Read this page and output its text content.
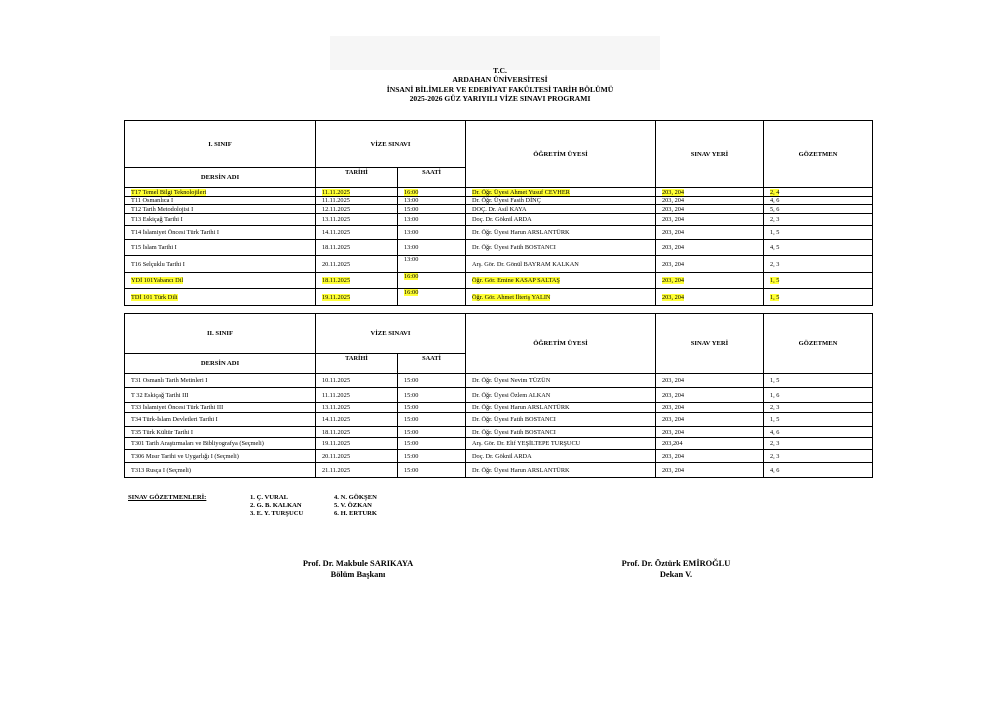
T.C.
ARDAHAN ÜNİVERSİTESİ
İNSANİ BİLİMLER VE EDEBİYAT FAKÜLTESİ TARİH BÖLÜMÜ
2025-2026 GÜZ YARIYILI VİZE SINAVI PROGRAMI
I. SINIF	VİZE SINAVI		ÖĞRETİM ÜYESİ	SINAV YERİ	GÖZETMEN
DERSİN ADI	TARİHİ	SAATİ			
T17 Temel Bilgi Teknolojileri	11.11.2025	16:00	Dr. Öğr. Üyesi Ahmet Yusuf CEVHER	203, 204	2, 4
T11 Osmanlıca I	11.11.2025	13:00	Dr. Öğr. Üyesi Fasih DİNÇ	203, 204	4, 6
T12 Tarih Metodolojisi I	12.11.2025	15:00	DOÇ. Dr. Asil KAYA	203, 204	5, 6
T13 Eskiçağ Tarihi I	13.11.2025	13:00	Doç. Dr. Göknil ARDA	203, 204	2, 3
T14 İslamiyet Öncesi Türk Tarihi I	14.11.2025	13:00	Dr. Öğr. Üyesi Harun ARSLANTÜRK	203, 204	1, 5
T15 İslam Tarihi I	18.11.2025	13:00	Dr. Öğr. Üyesi Fatih BOSTANCI	203, 204	4, 5
T16 Selçuklu Tarihi I	20.11.2025	13:00	Arş. Gör. Dr. Gönül BAYRAM KALKAN	203, 204	2, 3
YDİ 101Yabancı Dil	18.11.2025	16:00	Öğr. Gör. Emine KASAP SALTAŞ	203, 204	1, 5
TDİ 101 Türk Dili	19.11.2025	16:00	Öğr. Gör. Ahmet İlteriş YALIN	203, 204	1, 5
II. SINIF	VİZE SINAVI		ÖĞRETİM ÜYESİ	SINAV YERİ	GÖZETMEN
DERSİN ADI	TARİHİ	SAATİ			
T31 Osmanlı Tarih Metinleri I	10.11.2025	15:00	Dr. Öğr. Üyesi Nevim TÜZÜN	203, 204	1, 5
T 32 Eskiçağ Tarihi III	11.11.2025	15:00	Dr. Öğr. Üyesi Özlem ALKAN	203, 204	1, 6
T33 İslamiyet Öncesi Türk Tarihi III	13.11.2025	15:00	Dr. Öğr. Üyesi Harun ARSLANTÜRK	203, 204	2, 3
T34 Türk-İslam Devletleri Tarihi I	14.11.2025	15:00	Dr. Öğr. Üyesi Fatih BOSTANCI	203, 204	1, 5
T35 Türk Kültür Tarihi I	18.11.2025	15:00	Dr. Öğr. Üyesi Fatih BOSTANCI	203, 204	4, 6
T301 Tarih Araştırmaları ve Bibliyografya (Seçmeli)	19.11.2025	15:00	Arş. Gör. Dr. Elif YEŞİLTEPE TURŞUCU	203,204	2, 3
T306 Mısır Tarihi ve Uygarlığı I (Seçmeli)	20.11.2025	15:00	Doç. Dr. Göknil ARDA	203, 204	2, 3
T313 Rusça I (Seçmeli)	21.11.2025	15:00	Dr. Öğr. Üyesi Harun ARSLANTÜRK	203, 204	4, 6
SINAV GÖZETMENLERİ:	1. Ç. VURAL
2. G. B. KALKAN
3. E. Y. TURŞUCU
4. N. GÖKŞEN
5. V. ÖZKAN
6. H. ERTURK
Prof. Dr. Makbule SARIKAYA
Bölüm Başkanı
Prof. Dr. Öztürk EMİROĞLU
Dekan V.
